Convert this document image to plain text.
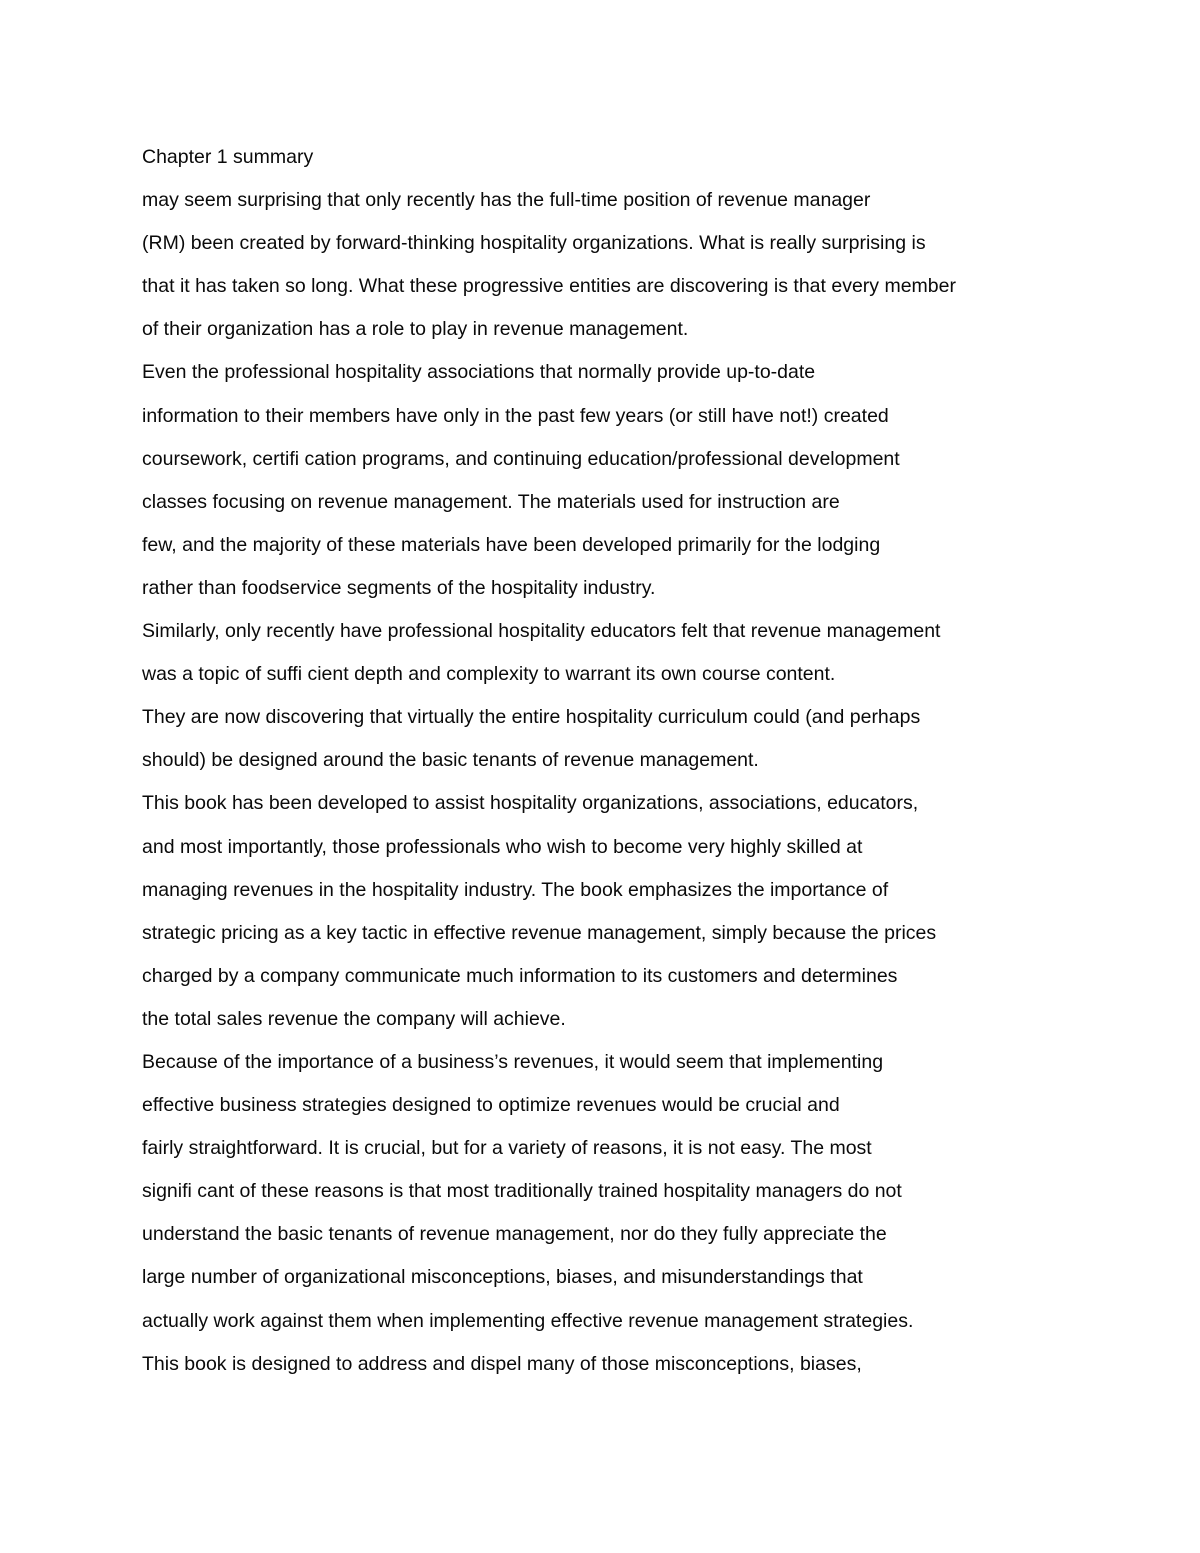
Chapter 1 summary
may seem surprising that only recently has the full-time position of revenue manager
(RM) been created by forward-thinking hospitality organizations. What is really surprising is
that it has taken so long. What these progressive entities are discovering is that every member
of their organization has a role to play in revenue management.
Even the professional hospitality associations that normally provide up-to-date
information to their members have only in the past few years (or still have not!) created
coursework, certifi cation programs, and continuing education/professional development
classes focusing on revenue management. The materials used for instruction are
few, and the majority of these materials have been developed primarily for the lodging
rather than foodservice segments of the hospitality industry.
Similarly, only recently have professional hospitality educators felt that revenue management
was a topic of suffi cient depth and complexity to warrant its own course content.
They are now discovering that virtually the entire hospitality curriculum could (and perhaps
should) be designed around the basic tenants of revenue management.
This book has been developed to assist hospitality organizations, associations, educators,
and most importantly, those professionals who wish to become very highly skilled at
managing revenues in the hospitality industry. The book emphasizes the importance of
strategic pricing as a key tactic in effective revenue management, simply because the prices
charged by a company communicate much information to its customers and determines
the total sales revenue the company will achieve.
Because of the importance of a business’s revenues, it would seem that implementing
effective business strategies designed to optimize revenues would be crucial and
fairly straightforward. It is crucial, but for a variety of reasons, it is not easy. The most
signifi cant of these reasons is that most traditionally trained hospitality managers do not
understand the basic tenants of revenue management, nor do they fully appreciate the
large number of organizational misconceptions, biases, and misunderstandings that
actually work against them when implementing effective revenue management strategies.
This book is designed to address and dispel many of those misconceptions, biases,
